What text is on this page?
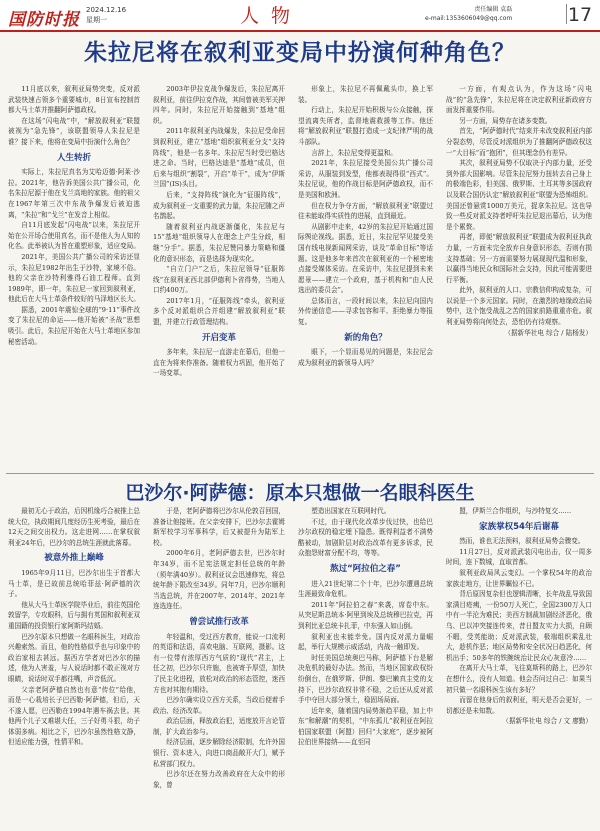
国防时报 2024.12.16
星期一	人物	责任编辑 袁磊
e-mail:1353606049@qq.com	17
朱拉尼将在叙利亚变局中扮演何种角色？

11月底以来，叙利亚局势突变，反对派武装快速占领多个重要城市，8日宣布控制首都大马士革并推翻阿萨德政权。

在这场“闪电战”中，“解放叙利亚”联盟被视为“急先锋”，该联盟领导人朱拉尼是谁？接下来，他将在变局中扮演什么角色？

人生转折

实际上，朱拉尼真名为艾哈迈德·阿莱·沙拉。2021年，他告诉美国公共广播公司，化名朱拉尼源于他在戈兰高地的家族。他的祖父在1967年第三次中东战争爆发后被迫逃离，“朱拉”和“戈兰”在发音上相似。

自11月底发起“闪电战”以来，朱拉尼开始在公开场合使用真名，而不是他人为人知的化名。此举被认为旨在重塑形象，适应变局。

2021年，美国公共广播公司的采访还显示，朱拉尼1982年出生于沙特，家境不俗。他的父亲在沙特利雅得石油工程师。直到1989年，即一年，朱拉尼一家回到叙利亚，他此后在大马士革条件较好的马泽地区长大。

据悉，2001年震惊全球的“9·11”事件改变了朱拉尼的命运——他开始被“圣战”思想吸引。此后，朱拉尼开始在大马士革地区参加秘密活动。

2003年伊拉克战争爆发后，朱拉尼离开叙利亚，前往伊拉克作战，其间曾被美军关押四年。同时，朱拉尼开始接触到“基地”组织。

2011年叙利亚内战爆发，朱拉尼受命回到叙利亚，建立“基地”组织叙利亚分支“支持阵线”，他是一名多年。朱拉尼当时受巴格达进之命。当时，巴格达迪是“基地”成员，但后来与组织“割裂”，开启“单干”，成为“伊斯兰国”(IS)头目。

后来，“支持阵线”演化为“征服阵线”，成为叙利亚一支重要的武力量，朱拉尼随之声名鹊起。

随着叙利亚内战逐渐僵化，朱拉尼与15“基地”组织领导人在理念上产生分歧，相继“分手”。据悉，朱拉尼赞同暴力策略和僵化的意识形态，而是选择为现实化。

“自立门户”之后，朱拉尼领导“征服阵线”在叙利亚西北部伊德利卜省得势，当地人口约400万。

2017年1月，“征服阵线”牵头，叙利亚多个反对派组织合并组建“解放叙利亚”联盟，并建立行政管理结构。

开启变革

多年来，朱拉尼一直游走在幕后，但他一直在为将来作准备。随着权力巩固，他开始了一场变革。

形象上，朱拉尼不再佩戴头巾，换上军装。

行动上，朱拉尼开始积极与公众接触，探望流离失所者，监督地震救援等工作。他还将“解放叙利亚”联盟打造成一支纪律严明的战斗部队。

言辞上，朱拉尼变得更温和。

2021年，朱拉尼接受美国公共广播公司采访，从服装到发型，他都表现得很“西式”。朱拉尼说，他的作战目标是阿萨德政权，而不是美国和欧洲。

但在权力争夺方面，“解放叙利亚”联盟过往未能取得实质性的进展，直到最近。

从剧影中走来，42岁的朱拉尼开始通过国际舆论视线。据悉，近日，朱拉尼罕见接受美国有线电视新闻网采访，谈及“革命目标”等话题。这是他多年来首次在叙利亚的一个秘密地点接受媒体采访。在采访中，朱拉尼提到未来愿景——建立一个政府，基于机构和“由人民选出的委员会”。

总体而言，一段时间以来，朱拉尼向国内外传递信息——寻求包容和平、拒绝暴力等报复。

新的角色？

眼下，一个显而易见的问题是，朱拉尼会成为叙利亚的新领导人吗？

一方面，有观点认为，作为这场“闪电战”的“急先锋”，朱拉尼将在决定叙利亚新政府方面发挥重要作用。

另一方面，局势存在诸多变数。

首先，“阿萨德时代”结束并未改变叙利亚内部分裂态势，尽管反对派组织为了推翻阿萨德政权这一“大目标”而“抱团”，但其理念仍有差异。

其次，叙利亚局势不仅取决于内部力量，还受到外部大国影响。尽管朱拉尼努力扭转去自己身上的极端色彩，但美国、俄罗斯、土耳其等多国政府以及联合国仍认定“解放叙利亚”联盟为恐怖组织。美国还曾悬赏1000万美元，捉拿朱拉尼。这也导致一些反对派支持者呼吁朱拉尼退出幕后，认为他是个累赘。

再者，即便“解放叙利亚”联盟成为叙利亚执政力量，一方面未完全放弃自身意识形态，否则有损支持基础；另一方面需要努力展现现代温和形象，以赢得当地民众和国际社会支持，因此可能需要进行平衡。

此外，叙利亚的人口、宗教信仰构成复杂，可以说是一个多元国家。同时，在激烈的地缘政治局势中，这个饱受战乱之苦的国家前路重重亦危。叙利亚局势将向何处去，恐怕仍有待观察。

（据新华社电 综合 / 陆杨发）

巴沙尔·阿萨德：原本只想做一名眼科医生

最初无心于政治，后因机缘巧合被推上总统大位，执政期间几度经历生死考验，最后在12天之间交出权力。这走进网……在掌权叙利亚24年后，巴沙尔的总统生涯就此落幕。

被意外推上巅峰

1965年9月11日，巴沙尔出生于首都大马士革，是已故前总统哈菲兹·阿萨德的次子。

他从大马士革医学院毕业后，前往英国伦敦留学，专攻眼科，后与拥有英国和叙利亚双重国籍的投资银行家阿斯玛结婚。

巴沙尔原本只想做一名眼科医生，对政治兴趣索然。而且，他的性格似乎也与印象中的政治家相去甚远。据西方学者对巴沙尔的描述，他为人害羞，与人说话时都不敢正视对方眼睛，说话时双手都往嘴，声音低沉。

父亲老阿萨德自然也有意“传位”给他，而是一心栽培长子巴西勒·阿萨德，但后，天不遂人愿，巴西勒在1994年遇车祸去世。其他两个儿子又难堪大任，三子好勇斗狠，幼子体弱多病。相比之下，巴沙尔虽然性格文静，但适应能力强，性情平和。

于是，老阿萨德将巴沙尔从伦敦召回国，准备让他接班。在父亲安排下，巴沙尔去霍姆斯军校学习军事科学，后又被提升为陆军上校。

2000年6月，老阿萨德去世，巴沙尔时年34岁，而不足宪法规定担任总统的年龄（须年满40岁）。叙利亚议会迅速修宪，将总统年龄下限改至34岁。同年7月，巴沙尔顺利当选总统，并在2007年、2014年、2021年连选连任。

曾尝试推行改革

年轻温和，受过西方教育，能说一口流利的英语和法语，喜欢电脑、互联网，摄影。这有一位带有浓厚西方气质的“现代”君主，上任之初，巴沙尔只许施，也被寄予厚望，加快了民主化进程，放松对政治的形态管控，迷西方也对其抱有期待。

巴沙尔确实设立西方关系，当政后便着手政治、经济改革。

政治层面，释放政治犯，适度放开言论管制，扩大政治参与。

经济层面，逐步解除经济限制，允许外国银行、资本进入，向进口商品敞开大门，赋予私营部门权力。

巴沙尔还在努力改善政府在大众中的形象，曾

塑造出国家在互联网时代。

不过，由于现代化改革步伐过快，也给巴沙尔政权的稳定埋下隐患。既得利益者不满势酷被动，加剧阶层对政治改革有更多诉求，民众抱怨财富分配不均，等等。

熬过“阿拉伯之春”

进入21世纪第二个十年，巴沙尔遭遇总统生涯最致命危机。

2011年“阿拉伯之春”来袭，席卷中东。从突尼斯总统本·阿里到埃及总统穆巴拉克，再到利比亚总统卡扎菲，中东强人如山倒。

叙利亚也未能幸免。国内反对派力量崛起，举行大规模示威活动，内战一触即发。

时任美国总统奥巴马称，阿萨德下台是解决危机的最好办法。然而，当地区国家政权纷纷倒台，在俄罗斯、伊朗、黎巴嫩真主党的支持下，巴沙尔政权非常不稳，之后还从反对派手中夺回大部分领土，稳固场局面。

近年来，随着国内局势渐趋平稳，加上中东“和解潮”的契机，“中东孤儿”叙利亚在阿拉伯国家联盟（阿盟）回归“大家庭”，逐步被阿拉伯世界接纳——直至同

盟，伊斯兰合作组织，与沙特复交……

家族掌权54年后谢幕

然而，谁也无法预料，叙利亚局势会骤变。

11月27日，反对派武装闪电出击，仅一周多时间，连下数城，直取首都。

叙利亚政局风云变幻。一个掌权54年的政治家族走地方，让世界瞩惊不已。

背后原因复杂但也逻辑清晰，长年战乱导致国家满目疮痍，一份50万人死亡，全国2300万人口中有一半沦为难民；美西方制裁加剧经济恶化，俄乌、巴以冲突接连传来，昔日盟友实力大损，自顾不暇，受英能助；反对派武装，极端组织乘乱壮大，趁机作恶；地区局势和安全状况日趋恶化，何机出手；50多年的铁腕统治让民众心灰意冷……

在离开大马士革，飞往莫斯科的路上，巴沙尔在想什么，没有人知道。他会否问过自己：如果当初只做一名眼科医生该有多好？

而留在他身后的叙利亚，明天是否会更好，一切都还是未知数。

（据新华社电 综合 / 文 廖勤）
